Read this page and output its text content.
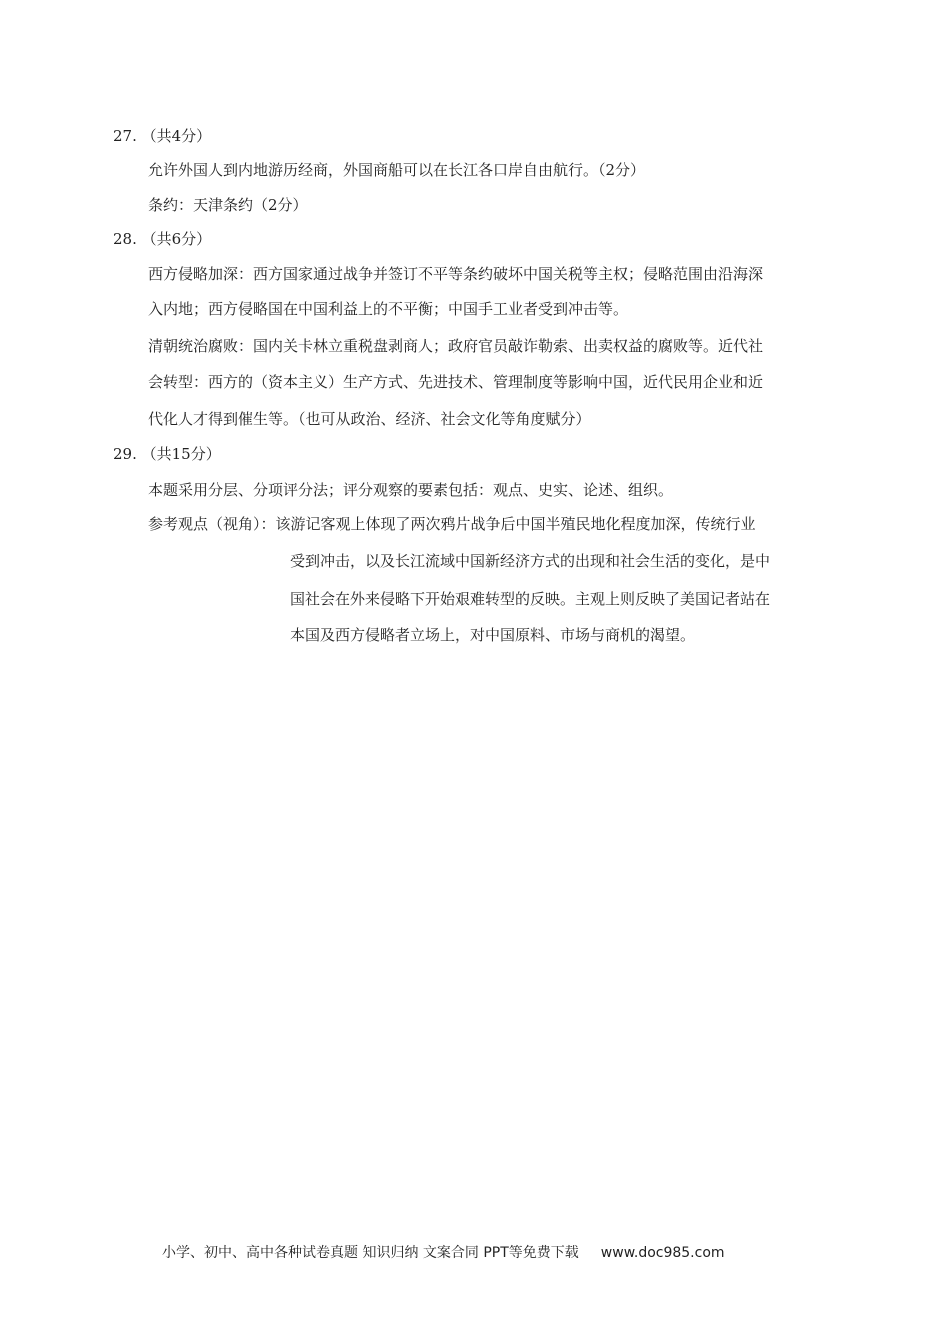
27. （共4分）
允许外国人到内地游历经商，外国商船可以在长江各口岸自由航行。（2分）
条约：天津条约（2分）
28. （共6分）
西方侵略加深：西方国家通过战争并签订不平等条约破坏中国关税等主权；侵略范围由沿海深
入内地；西方侵略国在中国利益上的不平衡；中国手工业者受到冲击等。
清朝统治腐败：国内关卡林立重税盘剥商人；政府官员敲诈勒索、出卖权益的腐败等。近代社
会转型：西方的（资本主义）生产方式、先进技术、管理制度等影响中国，近代民用企业和近
代化人才得到催生等。（也可从政治、经济、社会文化等角度赋分）
29. （共15分）
本题采用分层、分项评分法；评分观察的要素包括：观点、史实、论述、组织。
参考观点（视角）：该游记客观上体现了两次鸦片战争后中国半殖民地化程度加深，传统行业
受到冲击，以及长江流域中国新经济方式的出现和社会生活的变化，是中
国社会在外来侵略下开始艰难转型的反映。主观上则反映了美国记者站在
本国及西方侵略者立场上，对中国原料、市场与商机的渴望。
小学、初中、高中各种试卷真题 知识归纳 文案合同 PPT等免费下载 www.doc985.com
